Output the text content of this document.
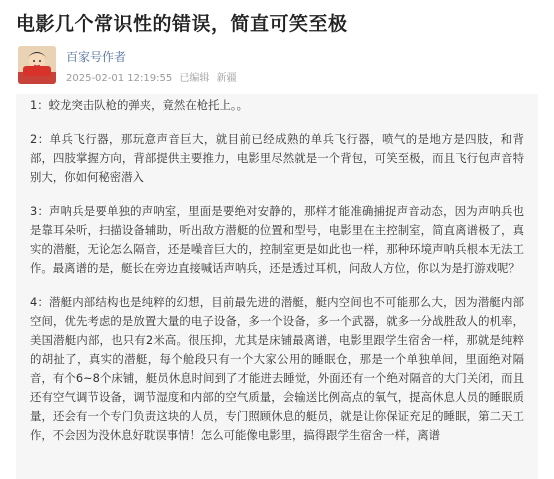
电影几个常识性的错误，简直可笑至极
百家号作者
2025-02-01 12:19:55 已编辑 新疆

1：蛟龙突击队枪的弹夹，竟然在枪托上。。

2：单兵飞行器，那玩意声音巨大，就目前已经成熟的单兵飞行器，喷气的是地方是四肢，和背部，四肢掌握方向，背部提供主要推力，电影里尽然就是一个背包，可笑至极，而且飞行包声音特别大，你如何秘密潜入

3：声呐兵是要单独的声呐室，里面是要绝对安静的，那样才能准确捕捉声音动态，因为声呐兵也是靠耳朵听，扫描设备辅助，听出敌方潜艇的位置和型号，电影里在主控制室，简直离谱极了，真实的潜艇，无论怎么隔音，还是噪音巨大的，控制室更是如此也一样，那种环境声呐兵根本无法工作。最离谱的是，艇长在旁边直接喊话声呐兵，还是透过耳机，问敌人方位，你以为是打游戏呢？

4：潜艇内部结构也是纯粹的幻想，目前最先进的潜艇，艇内空间也不可能那么大，因为潜艇内部空间，优先考虑的是放置大量的电子设备，多一个设备，多一个武器，就多一分战胜敌人的机率，美国潜艇内部，也只有2米高。很压抑，尤其是床铺最离谱，电影里跟学生宿舍一样，那就是纯粹的胡扯了，真实的潜艇，每个舱段只有一个大家公用的睡眠仓，那是一个单独单间，里面绝对隔音，有个6~8个床铺，艇员休息时间到了才能进去睡觉，外面还有一个绝对隔音的大门关闭，而且还有空气调节设备，调节湿度和内部的空气质量，会输送比例高点的氧气，提高休息人员的睡眠质量，还会有一个专门负责这块的人员，专门照顾休息的艇员，就是让你保证充足的睡眠，第二天工作，不会因为没休息好耽误事情！怎么可能像电影里，搞得跟学生宿舍一样，离谱
